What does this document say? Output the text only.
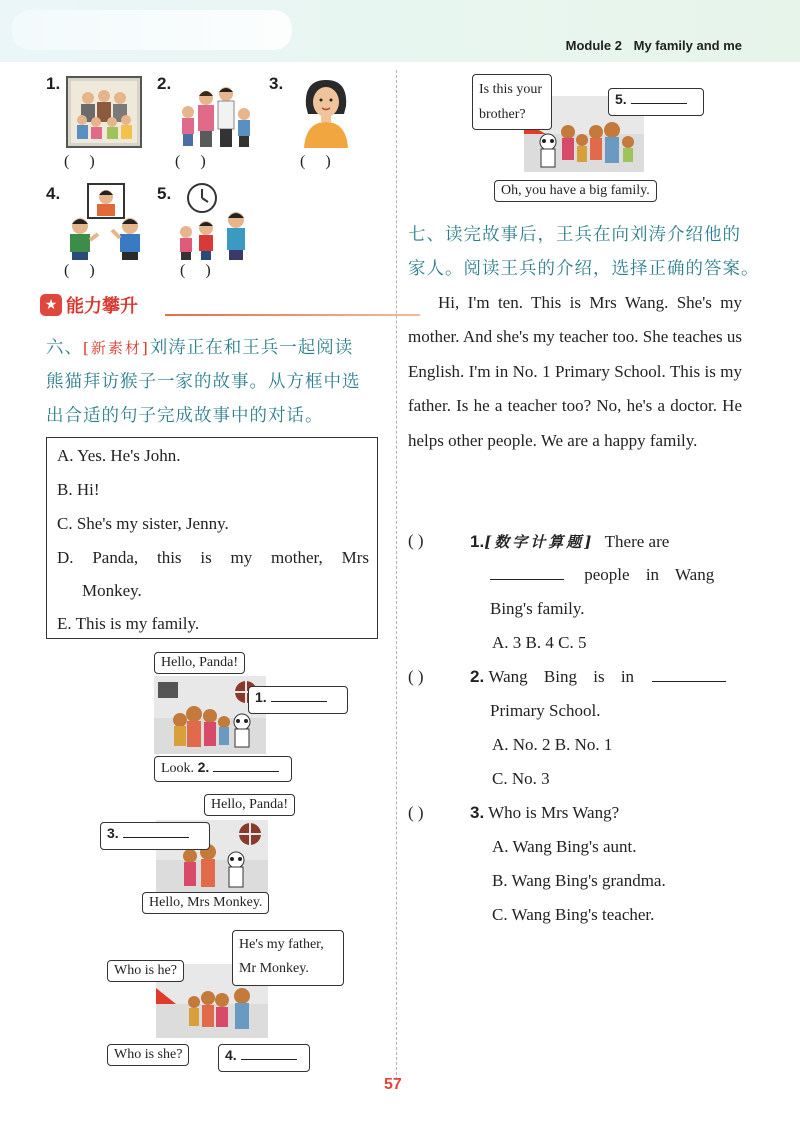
Module 2 My family and me
1.
(     )
2.
(     )
3.
(     )
4.
(     )
5.
(     )
★ 能力攀升
六、[新素材]刘涛正在和王兵一起阅读
熊猫拜访猴子一家的故事。从方框中选
出合适的句子完成故事中的对话。
A. Yes. He's John.
B. Hi!
C. She's my sister, Jenny.
D. Panda, this is my mother, Mrs
Monkey.
E. This is my family.
Hello, Panda!
1.
Look. 2.
Hello, Panda!
3.
Hello, Mrs Monkey.
He's my father,
Mr Monkey.
Who is he?
Who is she?	4.
Is this your
brother?
5.
Oh, you have a big family.
七、读完故事后，王兵在向刘涛介绍他的
家人。阅读王兵的介绍，选择正确的答案。
Hi, I'm ten. This is Mrs Wang. She's my mother. And she's my teacher too. She teaches us English. I'm in No. 1 Primary School. This is my father. Is he a teacher too? No, he's a doctor. He helps other people. We are a happy family.
( )	1.[数字计算题] There are
people in Wang
Bing's family.
A. 3 B. 4 C. 5
( )	2. Wang Bing is in
Primary School.
A. No. 2 B. No. 1
C. No. 3
( )	3. Who is Mrs Wang?
A. Wang Bing's aunt.
B. Wang Bing's grandma.
C. Wang Bing's teacher.
57
